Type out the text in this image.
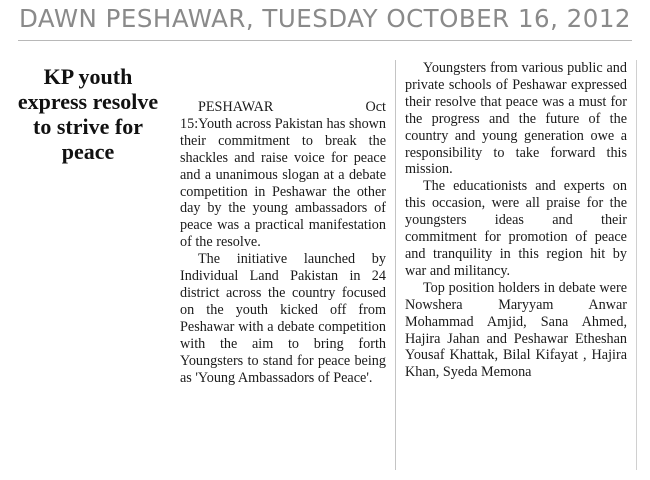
DAWN PESHAWAR, TUESDAY OCTOBER 16, 2012
KP youth express resolve to strive for peace
PESHAWAR	Oct

15:Youth across Pakistan has shown their commitment to break the shackles and raise voice for peace and a unanimous slogan at a debate competition in Peshawar the other day by the young ambassadors of peace was a practical manifestation of the resolve.

The initiative launched by Individual Land Pakistan in 24 district across the country focused on the youth kicked off from Peshawar with a debate competition with the aim to bring forth Youngsters to stand for peace being as 'Young Ambassadors of Peace'.

Youngsters from various public and private schools of Peshawar expressed their resolve that peace was a must for the progress and the future of the country and young generation owe a responsibility to take forward this mission.

The educationists and experts on this occasion, were all praise for the youngsters ideas and their commitment for promotion of peace and tranquility in this region hit by war and militancy.

Top position holders in debate were Nowshera Maryyam Anwar Mohammad Amjid, Sana Ahmed, Hajira Jahan and Peshawar Etheshan Yousaf Khattak, Bilal Kifayat , Hajira Khan, Syeda Memona
